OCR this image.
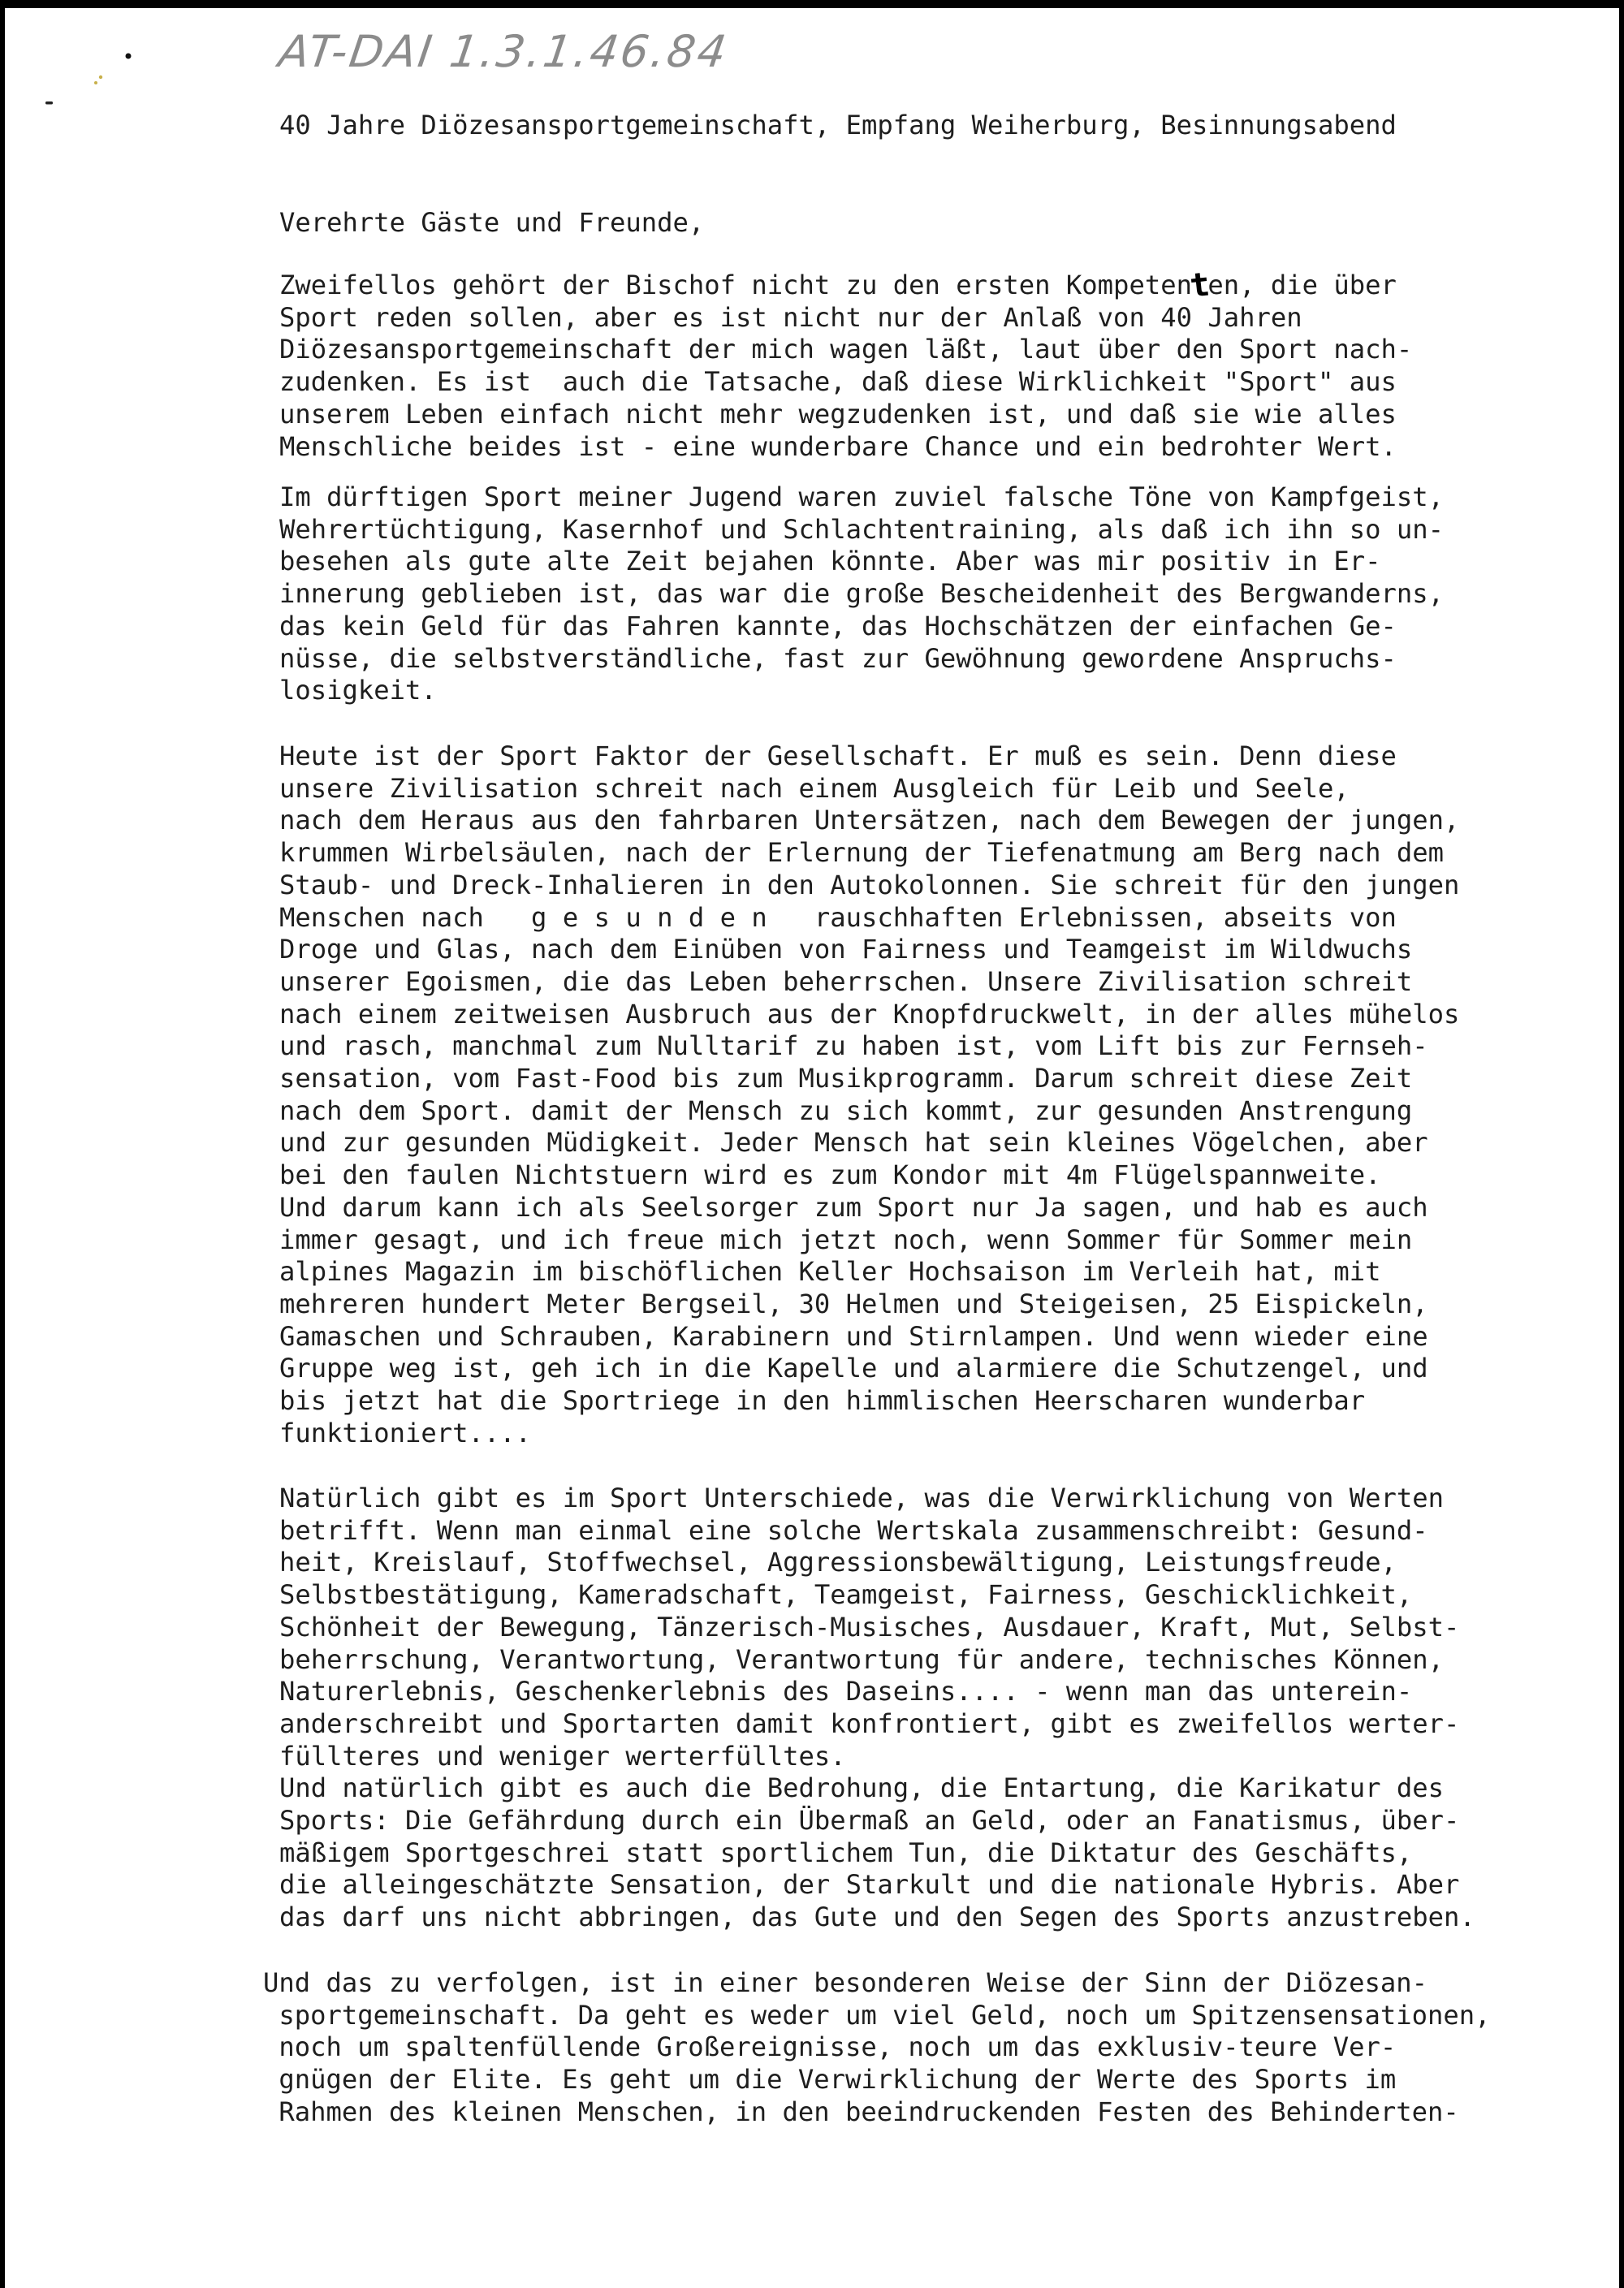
AT-DAI 1.3.1.46.84

40 Jahre Diözesansportgemeinschaft, Empfang Weiherburg, Besinnungsabend

Verehrte Gäste und Freunde,

Zweifellos gehört der Bischof nicht zu den ersten Kompetenten, die über
Sport reden sollen, aber es ist nicht nur der Anlaß von 40 Jahren
Diözesansportgemeinschaft der mich wagen läßt, laut über den Sport nach-
zudenken. Es ist  auch die Tatsache, daß diese Wirklichkeit "Sport" aus
unserem Leben einfach nicht mehr wegzudenken ist, und daß sie wie alles
Menschliche beides ist - eine wunderbare Chance und ein bedrohter Wert.

Im dürftigen Sport meiner Jugend waren zuviel falsche Töne von Kampfgeist,
Wehrertüchtigung, Kasernhof und Schlachtentraining, als daß ich ihn so un-
besehen als gute alte Zeit bejahen könnte. Aber was mir positiv in Er-
innerung geblieben ist, das war die große Bescheidenheit des Bergwanderns,
das kein Geld für das Fahren kannte, das Hochschätzen der einfachen Ge-
nüsse, die selbstverständliche, fast zur Gewöhnung gewordene Anspruchs-
losigkeit.

Heute ist der Sport Faktor der Gesellschaft. Er muß es sein. Denn diese
unsere Zivilisation schreit nach einem Ausgleich für Leib und Seele,
nach dem Heraus aus den fahrbaren Untersätzen, nach dem Bewegen der jungen,
krummen Wirbelsäulen, nach der Erlernung der Tiefenatmung am Berg nach dem
Staub- und Dreck-Inhalieren in den Autokolonnen. Sie schreit für den jungen
Menschen nach   g e s u n d e n   rauschhaften Erlebnissen, abseits von
Droge und Glas, nach dem Einüben von Fairness und Teamgeist im Wildwuchs
unserer Egoismen, die das Leben beherrschen. Unsere Zivilisation schreit
nach einem zeitweisen Ausbruch aus der Knopfdruckwelt, in der alles mühelos
und rasch, manchmal zum Nulltarif zu haben ist, vom Lift bis zur Fernseh-
sensation, vom Fast-Food bis zum Musikprogramm. Darum schreit diese Zeit
nach dem Sport. damit der Mensch zu sich kommt, zur gesunden Anstrengung
und zur gesunden Müdigkeit. Jeder Mensch hat sein kleines Vögelchen, aber
bei den faulen Nichtstuern wird es zum Kondor mit 4m Flügelspannweite.
Und darum kann ich als Seelsorger zum Sport nur Ja sagen, und hab es auch
immer gesagt, und ich freue mich jetzt noch, wenn Sommer für Sommer mein
alpines Magazin im bischöflichen Keller Hochsaison im Verleih hat, mit
mehreren hundert Meter Bergseil, 30 Helmen und Steigeisen, 25 Eispickeln,
Gamaschen und Schrauben, Karabinern und Stirnlampen. Und wenn wieder eine
Gruppe weg ist, geh ich in die Kapelle und alarmiere die Schutzengel, und
bis jetzt hat die Sportriege in den himmlischen Heerscharen wunderbar
funktioniert....

Natürlich gibt es im Sport Unterschiede, was die Verwirklichung von Werten
betrifft. Wenn man einmal eine solche Wertskala zusammenschreibt: Gesund-
heit, Kreislauf, Stoffwechsel, Aggressionsbewältigung, Leistungsfreude,
Selbstbestätigung, Kameradschaft, Teamgeist, Fairness, Geschicklichkeit,
Schönheit der Bewegung, Tänzerisch-Musisches, Ausdauer, Kraft, Mut, Selbst-
beherrschung, Verantwortung, Verantwortung für andere, technisches Können,
Naturerlebnis, Geschenkerlebnis des Daseins.... - wenn man das unterein-
anderschreibt und Sportarten damit konfrontiert, gibt es zweifellos werter-
füllteres und weniger werterfülltes.
Und natürlich gibt es auch die Bedrohung, die Entartung, die Karikatur des
Sports: Die Gefährdung durch ein Übermaß an Geld, oder an Fanatismus, über-
mäßigem Sportgeschrei statt sportlichem Tun, die Diktatur des Geschäfts,
die alleingeschätzte Sensation, der Starkult und die nationale Hybris. Aber
das darf uns nicht abbringen, das Gute und den Segen des Sports anzustreben.

Und das zu verfolgen, ist in einer besonderen Weise der Sinn der Diözesan-
sportgemeinschaft. Da geht es weder um viel Geld, noch um Spitzensensationen,
noch um spaltenfüllende Großereignisse, noch um das exklusiv-teure Ver-
gnügen der Elite. Es geht um die Verwirklichung der Werte des Sports im
Rahmen des kleinen Menschen, in den beeindruckenden Festen des Behinderten-
